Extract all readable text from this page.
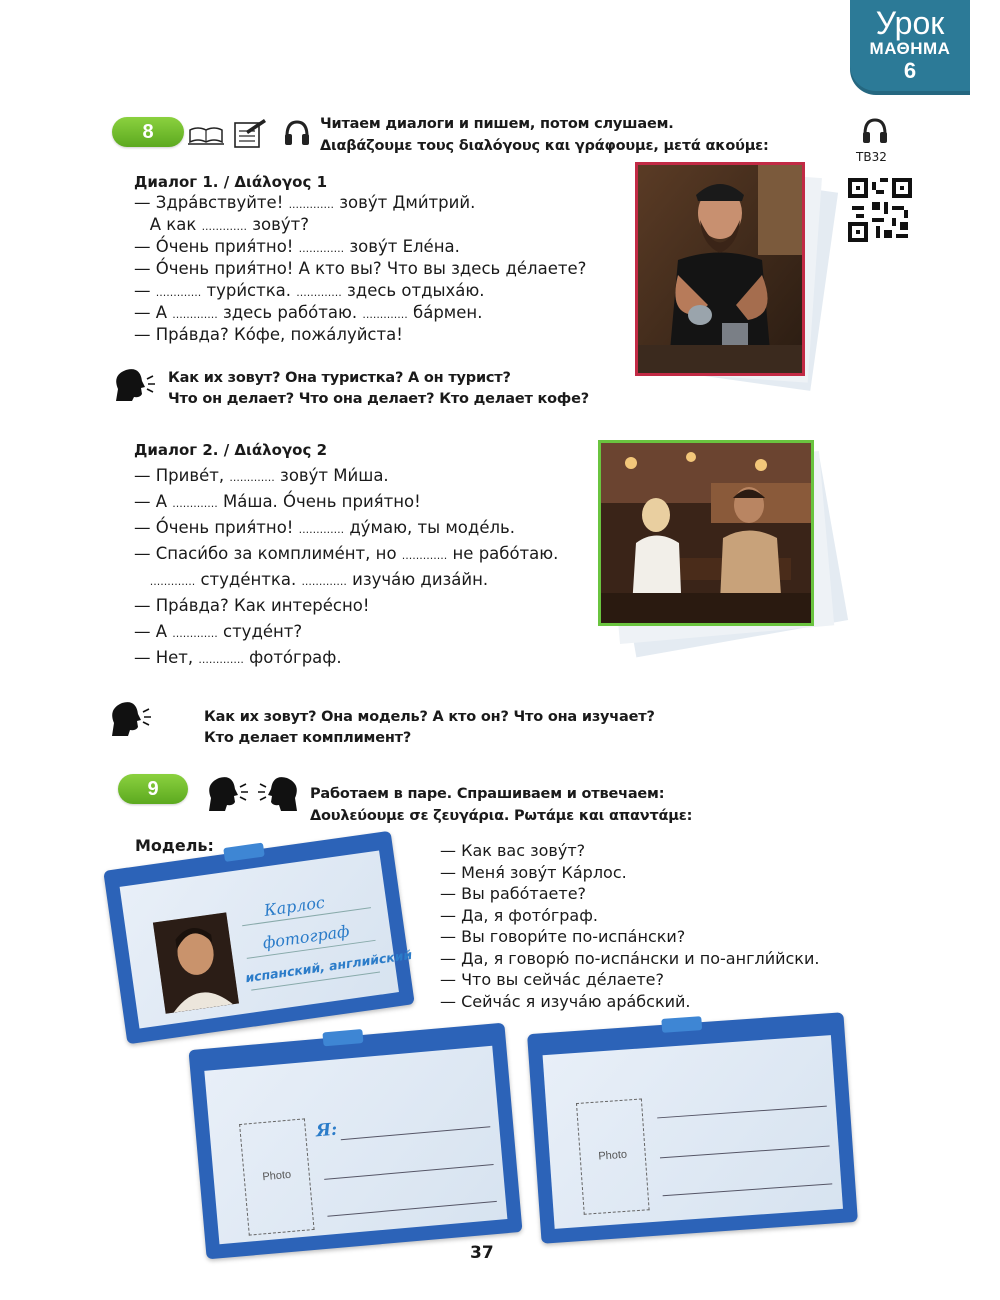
Урок
ΜΑΘΗΜΑ
6
8	Читаем диалоги и пишем, потом слушаем.
Διαβάζουμε τους διαλόγους και γράφουμε, μετά ακούμε:
TB32
Диалог 1. / Διάλογος 1
— Здра́вствуйте! ............. зову́т Дми́трий.
А как ............. зову́т?
— О́чень прия́тно! ............. зову́т Еле́на.
— О́чень прия́тно! А кто вы? Что вы здесь де́лаете?
— ............. тури́стка. ............. здесь отдыха́ю.
— А ............. здесь рабо́таю. ............. ба́рмен.
— Пра́вда? Ко́фе, пожа́луйста!
Как их зовут? Она туристка? А он турист?
Что он делает? Что она делает? Кто делает кофе?
Диалог 2. / Διάλογος 2
— Приве́т, ............. зову́т Ми́ша.
— А ............. Ма́ша. О́чень прия́тно!
— О́чень прия́тно! ............. ду́маю, ты моде́ль.
— Спаси́бо за комплиме́нт, но ............. не рабо́таю.
............. студе́нтка. ............. изуча́ю диза́йн.
— Пра́вда? Как интере́сно!
— А ............. студе́нт?
— Нет, ............. фото́граф.
Как их зовут? Она модель? А кто он? Что она изучает?
Кто делает комплимент?
9	Работаем в паре. Спрашиваем и отвечаем:
Δουλεύουμε σε ζευγάρια. Ρωτάμε και απαντάμε:
Модель:
Карлос
фотограф
испанский, английский
— Как вас зову́т?
— Меня́ зову́т Ка́рлос.
— Вы рабо́таете?
— Да, я фото́граф.
— Вы говори́те по-испа́нски?
— Да, я говорю́ по-испа́нски и по-англи́йски.
— Что вы сейча́с де́лаете?
— Сейча́с я изуча́ю ара́бский.
Photo
Я:
Photo
37
